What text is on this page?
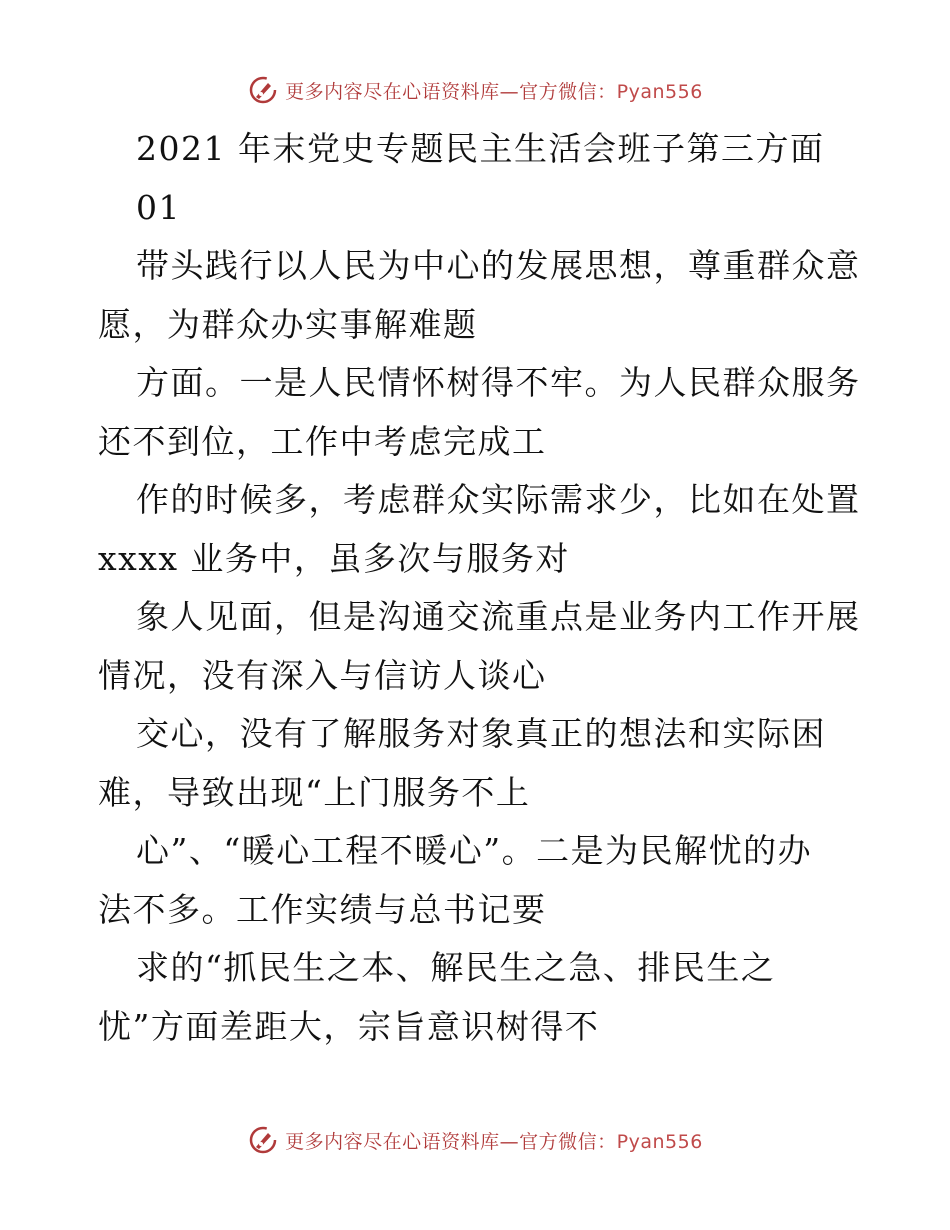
更多内容尽在心语资料库—官方微信：Pyan556
2021 年末党史专题民主生活会班子第三方面
01
带头践行以人民为中心的发展思想，尊重群众意
愿，为群众办实事解难题
方面。一是人民情怀树得不牢。为人民群众服务
还不到位，工作中考虑完成工
作的时候多，考虑群众实际需求少，比如在处置
xxxx 业务中，虽多次与服务对
象人见面，但是沟通交流重点是业务内工作开展
情况，没有深入与信访人谈心
交心，没有了解服务对象真正的想法和实际困
难，导致出现“上门服务不上
心”、“暖心工程不暖心”。二是为民解忧的办
法不多。工作实绩与总书记要
求的“抓民生之本、解民生之急、排民生之
忧”方面差距大，宗旨意识树得不
更多内容尽在心语资料库—官方微信：Pyan556
